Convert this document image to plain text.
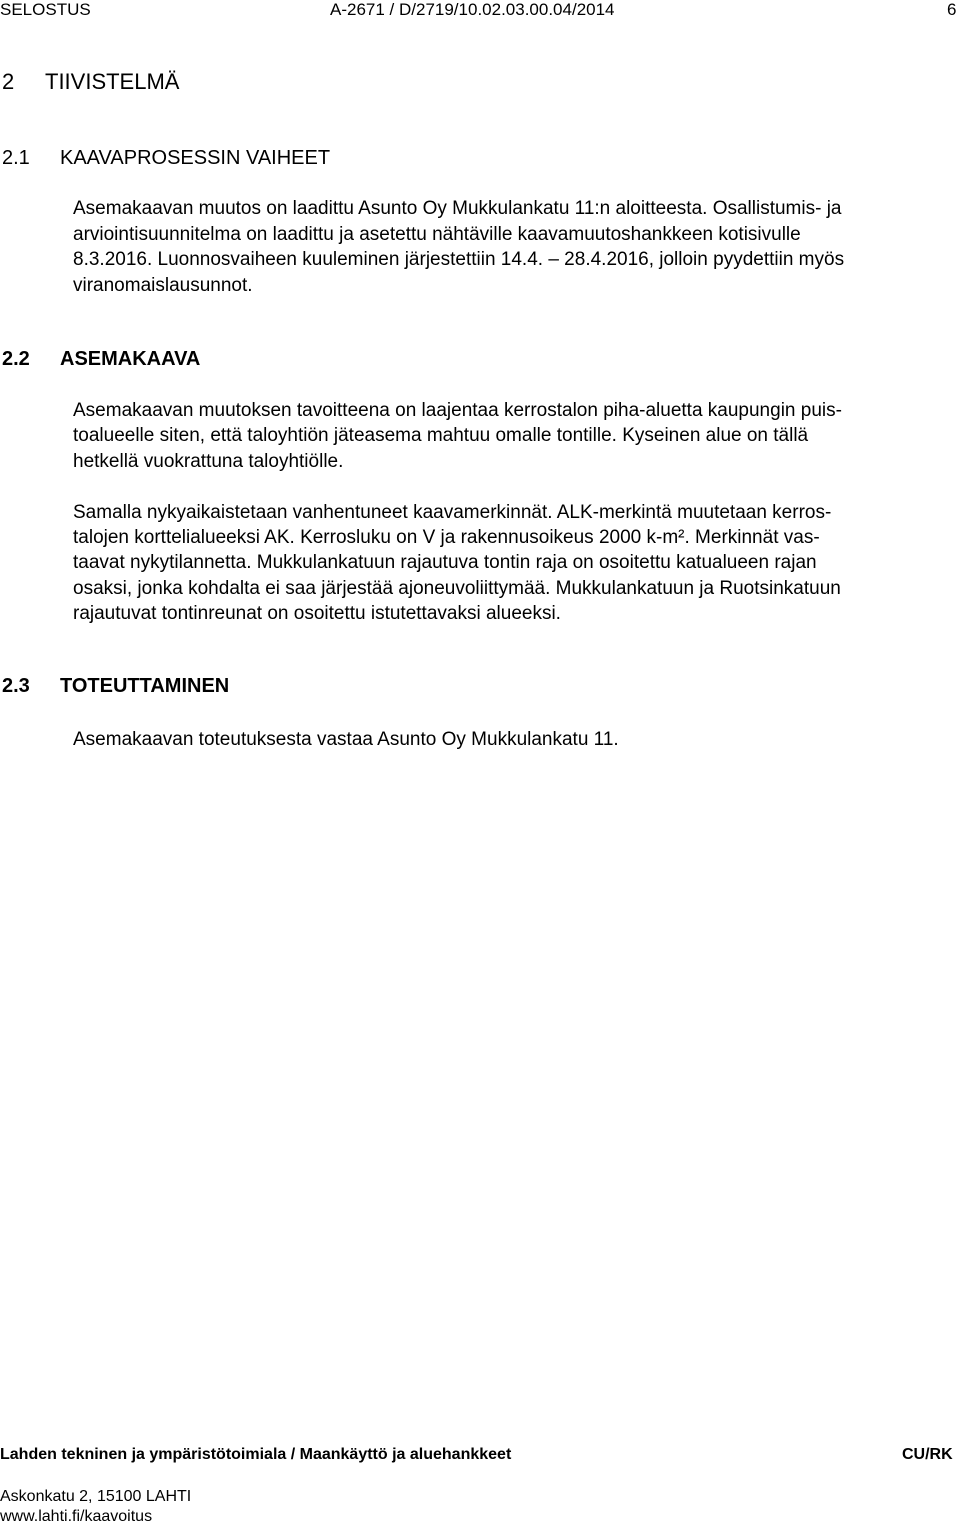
SELOSTUS	A-2671 / D/2719/10.02.03.00.04/2014	6
2 TIIVISTELMÄ
2.1 KAAVAPROSESSIN VAIHEET
Asemakaavan muutos on laadittu Asunto Oy Mukkulankatu 11:n aloitteesta. Osallistumis- ja
arviointisuunnitelma on laadittu ja asetettu nähtäville kaavamuutoshankkeen kotisivulle
8.3.2016. Luonnosvaiheen kuuleminen järjestettiin 14.4. – 28.4.2016, jolloin pyydettiin myös
viranomaislausunnot.
2.2 ASEMAKAAVA
Asemakaavan muutoksen tavoitteena on laajentaa kerrostalon piha-aluetta kaupungin puis-
toalueelle siten, että taloyhtiön jäteasema mahtuu omalle tontille. Kyseinen alue on tällä
hetkellä vuokrattuna taloyhtiölle.
Samalla nykyaikaistetaan vanhentuneet kaavamerkinnät. ALK-merkintä muutetaan kerros-
talojen korttelialueeksi AK. Kerrosluku on V ja rakennusoikeus 2000 k-m². Merkinnät vas-
taavat nykytilannetta. Mukkulankatuun rajautuva tontin raja on osoitettu katualueen rajan
osaksi, jonka kohdalta ei saa järjestää ajoneuvoliittymää. Mukkulankatuun ja Ruotsinkatuun
rajautuvat tontinreunat on osoitettu istutettavaksi alueeksi.
2.3 TOTEUTTAMINEN
Asemakaavan toteutuksesta vastaa Asunto Oy Mukkulankatu 11.
Lahden tekninen ja ympäristötoimiala / Maankäyttö ja aluehankkeet	CU/RK
Askonkatu 2, 15100 LAHTI
www.lahti.fi/kaavoitus
